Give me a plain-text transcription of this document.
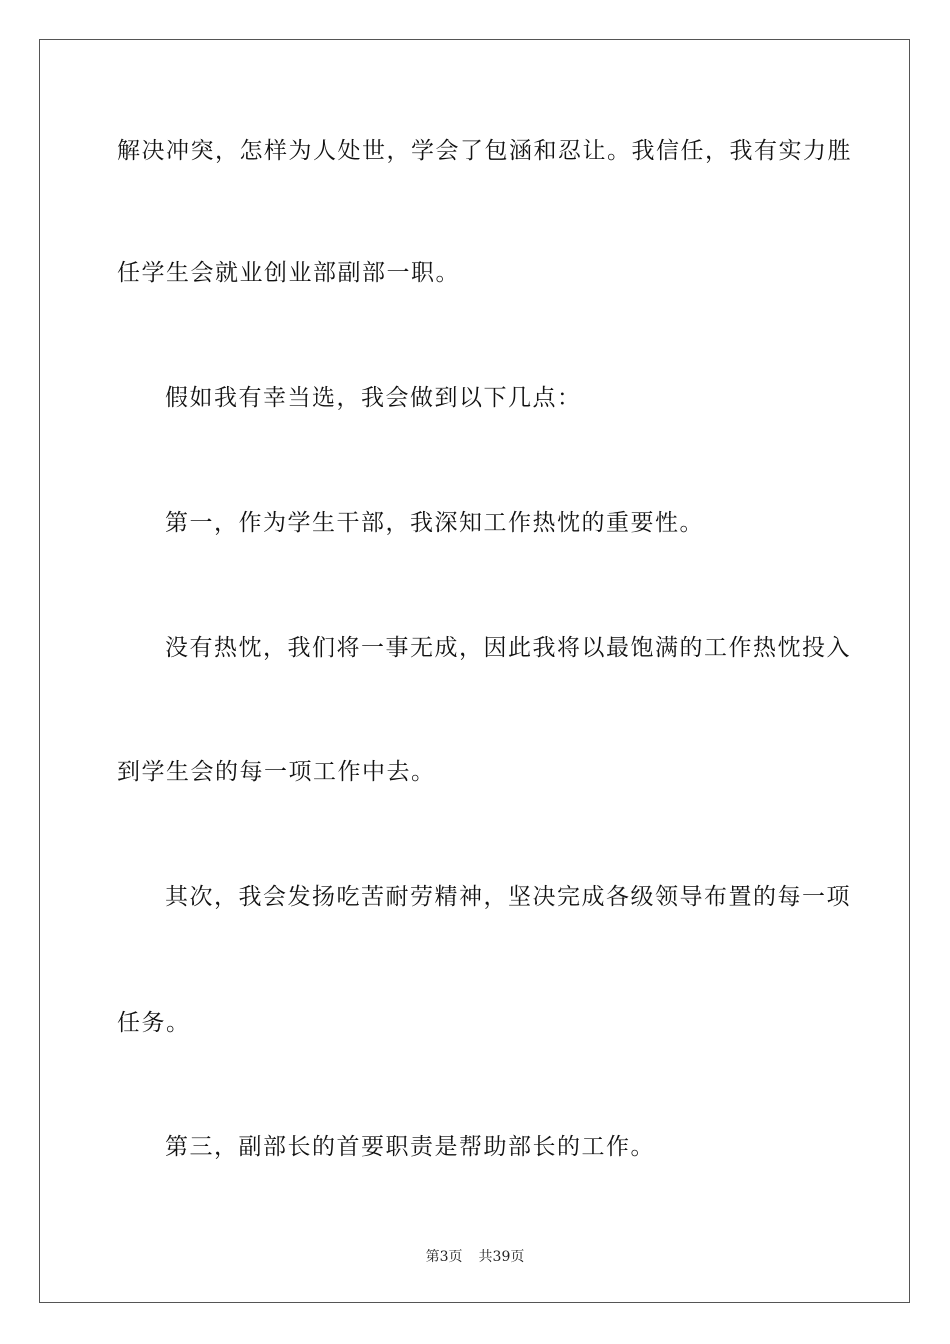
解决冲突，怎样为人处世，学会了包涵和忍让。我信任，我有实力胜
任学生会就业创业部副部一职。
假如我有幸当选，我会做到以下几点：
第一，作为学生干部，我深知工作热忱的重要性。
没有热忱，我们将一事无成，因此我将以最饱满的工作热忱投入
到学生会的每一项工作中去。
其次，我会发扬吃苦耐劳精神，坚决完成各级领导布置的每一项
任务。
第三，副部长的首要职责是帮助部长的工作。
第3页 共39页
